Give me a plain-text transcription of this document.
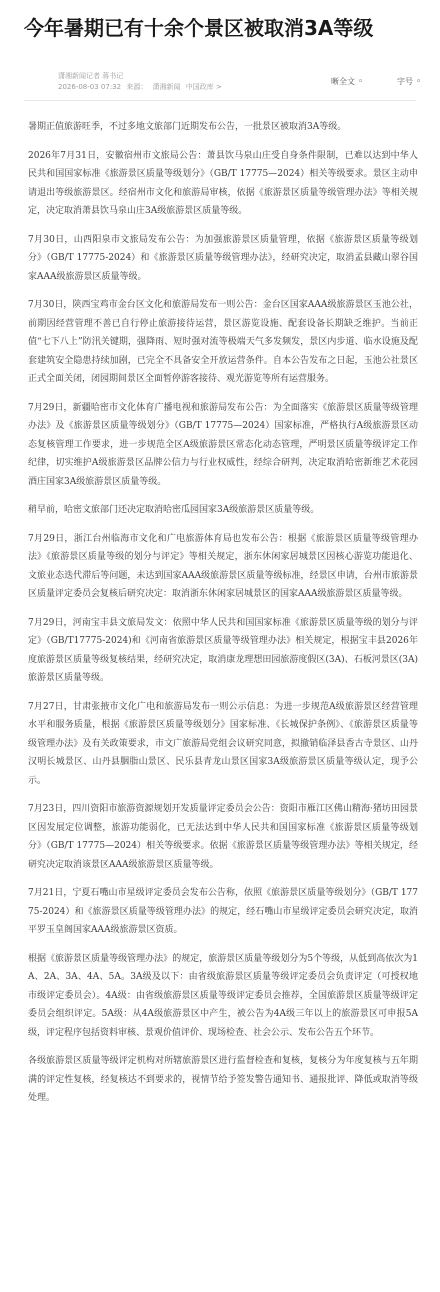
今年暑期已有十余个景区被取消3A等级
潇湘新闻记者 蒋书记
2026-08-03 07:32 来源： 潇湘新闻 中国政库 >
晰全文 ◦	字号 ◦

暑期正值旅游旺季，不过多地文旅部门近期发布公告，一批景区被取消3A等级。

2026年7月31日，安徽宿州市文旅局公告：萧县饮马泉山庄受自身条件限制，已难以达到中华人民共和国国家标准《旅游景区质量等级划分》（GB/T 17775—2024）相关等级要求。景区主动申请退出等级旅游景区。经宿州市文化和旅游局审核，依据《旅游景区质量等级管理办法》等相关规定，决定取消萧县饮马泉山庄3A级旅游景区质量等级。

7月30日，山西阳泉市文旅局发布公告：为加强旅游景区质量管理，依据《旅游景区质量等级划分》（GB/T 17775-2024）和《旅游景区质量等级管理办法》，经研究决定，取消孟县藏山翠谷国家AAA级旅游景区质量等级。

7月30日，陕西宝鸡市金台区文化和旅游局发布一则公告：金台区国家AAA级旅游景区玉池公社，前期因经营管理不善已自行停止旅游接待运营，景区游览设施、配套设备长期缺乏维护。当前正值“七下八上”防汛关键期，强降雨、短时强对流等极端天气多发频发，景区内步道、临水设施及配套建筑安全隐患持续加剧，已完全不具备安全开放运营条件。自本公告发布之日起，玉池公社景区正式全面关闭，闭园期间景区全面暂停游客接待、观光游览等所有运营服务。

7月29日，新疆哈密市文化体育广播电视和旅游局发布公告：为全面落实《旅游景区质量等级管理办法》及《旅游景区质量等级划分》（GB/T 17775—2024）国家标准，严格执行A级旅游景区动态复核管理工作要求，进一步规范全区A级旅游景区常态化动态管理，严明景区质量等级评定工作纪律，切实维护A级旅游景区品牌公信力与行业权威性，经综合研判，决定取消哈密新维艺术花园酒庄国家3A级旅游景区质量等级。

稍早前，哈密文旅部门还决定取消哈密瓜园国家3A级旅游景区质量等级。

7月29日，浙江台州临海市文化和广电旅游体育局也发布公告：根据《旅游景区质量等级管理办法》《旅游景区质量等级的划分与评定》等相关规定，浙东休闲家居城景区因核心游览功能退化、文旅业态迭代滞后等问题，未达到国家AAA级旅游景区质量等级标准，经景区申请，台州市旅游景区质量评定委员会复核后研究决定：取消浙东休闲家居城景区的国家AAA级旅游景区质量等级。

7月29日，河南宝丰县文旅局发文：依照中华人民共和国国家标准《旅游景区质量等级的划分与评定》（GB/T17775-2024)和《河南省旅游景区质量等级管理办法》相关规定，根据宝丰县2026年度旅游景区质量等级复核结果，经研究决定，取消康龙理想田园旅游度假区(3A)、石板河景区(3A)旅游景区质量等级。

7月27日，甘肃张掖市文化广电和旅游局发布一则公示信息：为进一步规范A级旅游景区经营管理水平和服务质量，根据《旅游景区质量等级划分》国家标准、《长城保护条例》、《旅游景区质量等级管理办法》及有关政策要求，市文广旅游局党组会议研究同意，拟撤销临泽县香古寺景区、山丹汉明长城景区、山丹县胭脂山景区、民乐县青龙山景区国家3A级旅游景区质量等级认定，现予公示。

7月23日，四川资阳市旅游资源规划开发质量评定委员会公告：资阳市雁江区佛山精海·猪坊田园景区因发展定位调整，旅游功能弱化，已无法达到中华人民共和国国家标准《旅游景区质量等级划分》（GB/T 17775—2024）相关等级要求。依据《旅游景区质量等级管理办法》等相关规定，经研究决定取消该景区AAA级旅游景区质量等级。

7月21日，宁夏石嘴山市星级评定委员会发布公告称，依照《旅游景区质量等级划分》（GB/T 17775-2024）和《旅游景区质量等级管理办法》的规定，经石嘴山市星级评定委员会研究决定，取消平罗玉皇阁国家AAA级旅游景区资质。

根据《旅游景区质量等级管理办法》的规定，旅游景区质量等级划分为5个等级，从低到高依次为1A、2A、3A、4A、5A。3A级及以下：由省级旅游景区质量等级评定委员会负责评定（可授权地市级评定委员会）。4A级：由省级旅游景区质量等级评定委员会推荐，全国旅游景区质量等级评定委员会组织评定。5A级：从4A级旅游景区中产生，被公告为4A级三年以上的旅游景区可申报5A级，评定程序包括资料审核、景观价值评价、现场检查、社会公示、发布公告五个环节。

各级旅游景区质量等级评定机构对所辖旅游景区进行监督检查和复核，复核分为年度复核与五年期满的评定性复核，经复核达不到要求的，视情节给予签发警告通知书、通报批评、降低或取消等级处理。
